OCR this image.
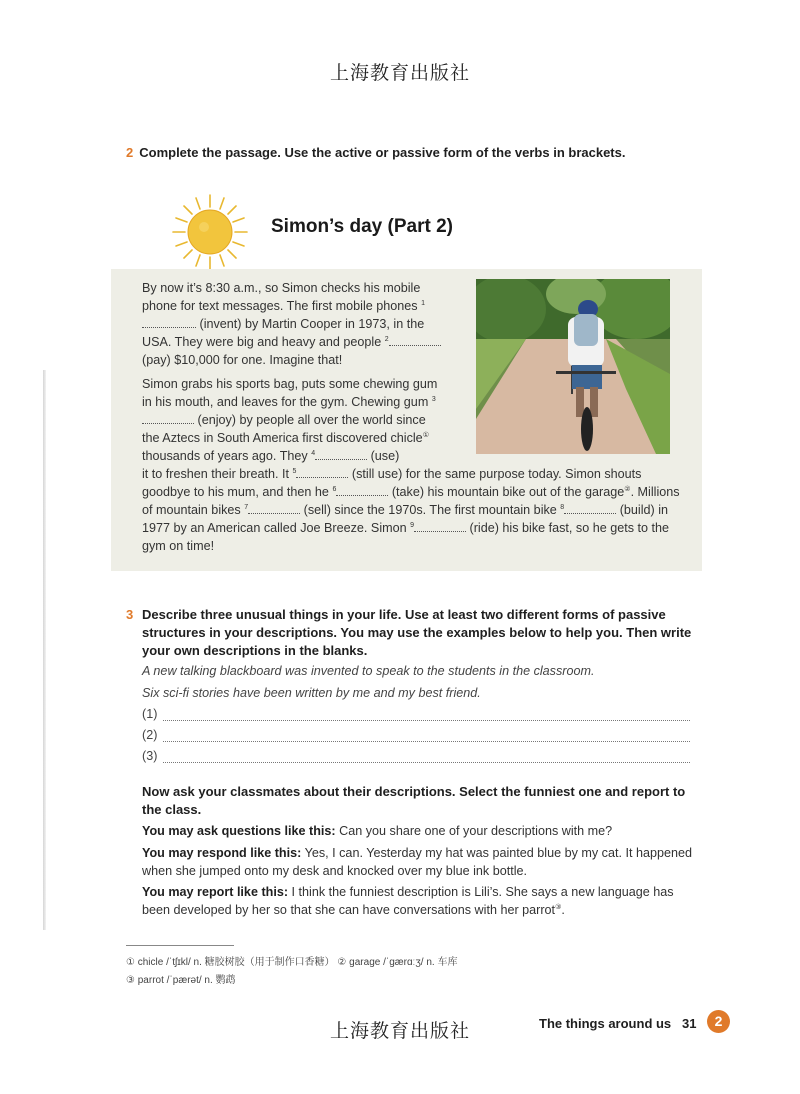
上海教育出版社
2 Complete the passage. Use the active or passive form of the verbs in brackets.
Simon’s day (Part 2)

By now it’s 8:30 a.m., so Simon checks his mobile phone for text messages. The first mobile phones $^1$ (invent) by Martin Cooper in 1973, in the USA. They were big and heavy and people $^2$
(pay) $10,000 for one. Imagine that!

Simon grabs his sports bag, puts some chewing gum in his mouth, and leaves for the gym. Chewing gum $^3$ (enjoy) by people all over the world since the Aztecs in South America first discovered chicle① thousands of years ago. They $^4$	(use)
it to freshen their breath. It $^5$	(still use) for the same purpose today. Simon shouts goodbye to his mum, and then he $^6$	(take) his mountain bike out of the garage②. Millions of mountain bikes $^7$	(sell) since the 1970s. The first mountain bike $^8$	(build) in 1977 by an American called Joe Breeze. Simon $^9$	(ride) his bike fast, so he gets to the gym on time!

3 Describe three unusual things in your life. Use at least two different forms of passive structures in your descriptions. You may use the examples below to help you. Then write your own descriptions in the blanks.
A new talking blackboard was invented to speak to the students in the classroom.
Six sci-fi stories have been written by me and my best friend.
(1)
(2)
(3)
Now ask your classmates about their descriptions. Select the funniest one and report to the class.
You may ask questions like this: Can you share one of your descriptions with me?
You may respond like this: Yes, I can. Yesterday my hat was painted blue by my cat. It happened when she jumped onto my desk and knocked over my blue ink bottle.
You may report like this: I think the funniest description is Lili’s. She says a new language has been developed by her so that she can have conversations with her parrot③.
① chicle /ˈtʃɪkl/ n. 糖胶树胶（用于制作口香糖） ② garage /ˈɡærɑːʒ/ n. 车库
③ parrot /ˈpærət/ n. 鹦鹉
上海教育出版社	The things around us 31	2
